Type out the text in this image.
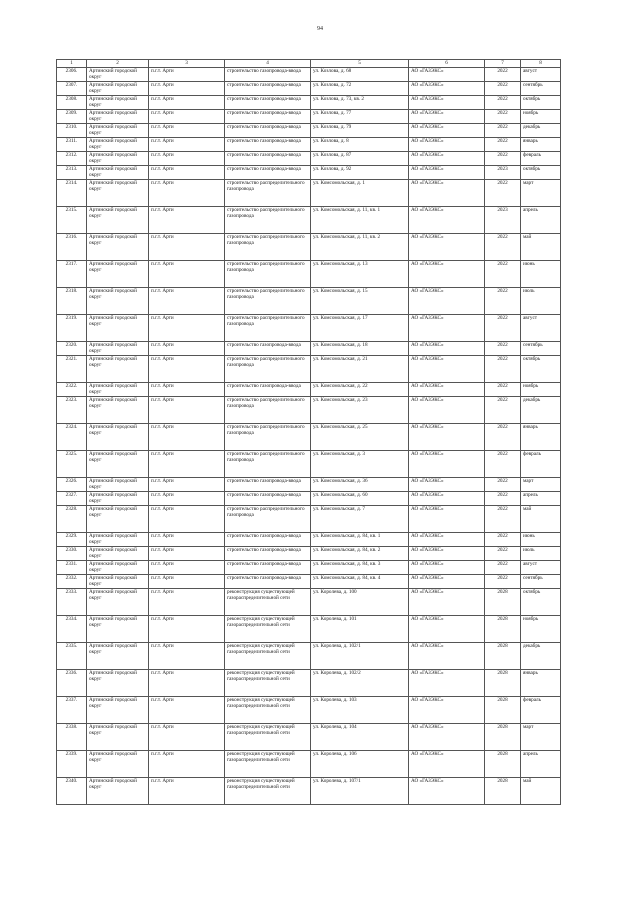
94
1	2	3	4	5	6	7	8
2306.	Артинский городской округ	п.г.т. Арти	строительство газопровода-ввода	ул. Козлова, д. 68	АО «ГАЗЭКС»	2022	август
2307.	Артинский городской округ	п.г.т. Арти	строительство газопровода-ввода	ул. Козлова, д. 72	АО «ГАЗЭКС»	2022	сентябрь
2308.	Артинский городской округ	п.г.т. Арти	строительство газопровода-ввода	ул. Козлова, д. 73, кв. 2	АО «ГАЗЭКС»	2022	октябрь
2309.	Артинский городской округ	п.г.т. Арти	строительство газопровода-ввода	ул. Козлова, д. 77	АО «ГАЗЭКС»	2022	ноябрь
2310.	Артинский городской округ	п.г.т. Арти	строительство газопровода-ввода	ул. Козлова, д. 79	АО «ГАЗЭКС»	2022	декабрь
2311.	Артинский городской округ	п.г.т. Арти	строительство газопровода-ввода	ул. Козлова, д. 8	АО «ГАЗЭКС»	2022	январь
2312.	Артинский городской округ	п.г.т. Арти	строительство газопровода-ввода	ул. Козлова, д. 87	АО «ГАЗЭКС»	2022	февраль
2313.	Артинский городской округ	п.г.т. Арти	строительство газопровода-ввода	ул. Козлова, д. 92	АО «ГАЗЭКС»	2023	октябрь
2314.	Артинский городской округ	п.г.т. Арти	строительство распределительного газопровода	ул. Комсомольская, д. 1	АО «ГАЗЭКС»	2022	март
2315.	Артинский городской округ	п.г.т. Арти	строительство распределительного газопровода	ул. Комсомольская, д. 11, кв. 1	АО «ГАЗЭКС»	2023	апрель
2316.	Артинский городской округ	п.г.т. Арти	строительство распределительного газопровода	ул. Комсомольская, д. 11, кв. 2	АО «ГАЗЭКС»	2022	май
2317.	Артинский городской округ	п.г.т. Арти	строительство распределительного газопровода	ул. Комсомольская, д. 13	АО «ГАЗЭКС»	2022	июнь
2318.	Артинский городской округ	п.г.т. Арти	строительство распределительного газопровода	ул. Комсомольская, д. 15	АО «ГАЗЭКС»	2022	июль
2319.	Артинский городской округ	п.г.т. Арти	строительство распределительного газопровода	ул. Комсомольская, д. 17	АО «ГАЗЭКС»	2022	август
2320.	Артинский городской округ	п.г.т. Арти	строительство газопровода-ввода	ул. Комсомольская, д. 18	АО «ГАЗЭКС»	2022	сентябрь
2321.	Артинский городской округ	п.г.т. Арти	строительство распределительного газопровода	ул. Комсомольская, д. 21	АО «ГАЗЭКС»	2022	октябрь
2322.	Артинский городской округ	п.г.т. Арти	строительство газопровода-ввода	ул. Комсомольская, д. 22	АО «ГАЗЭКС»	2022	ноябрь
2323.	Артинский городской округ	п.г.т. Арти	строительство распределительного газопровода	ул. Комсомольская, д. 23	АО «ГАЗЭКС»	2022	декабрь
2324.	Артинский городской округ	п.г.т. Арти	строительство распределительного газопровода	ул. Комсомольская, д. 25	АО «ГАЗЭКС»	2022	январь
2325.	Артинский городской округ	п.г.т. Арти	строительство распределительного газопровода	ул. Комсомольская, д. 3	АО «ГАЗЭКС»	2022	февраль
2326.	Артинский городской округ	п.г.т. Арти	строительство газопровода-ввода	ул. Комсомольская, д. 36	АО «ГАЗЭКС»	2022	март
2327.	Артинский городской округ	п.г.т. Арти	строительство газопровода-ввода	ул. Комсомольская, д. 60	АО «ГАЗЭКС»	2022	апрель
2328.	Артинский городской округ	п.г.т. Арти	строительство распределительного газопровода	ул. Комсомольская, д. 7	АО «ГАЗЭКС»	2022	май
2329.	Артинский городской округ	п.г.т. Арти	строительство газопровода-ввода	ул. Комсомольская, д. 84, кв. 1	АО «ГАЗЭКС»	2022	июнь
2330.	Артинский городской округ	п.г.т. Арти	строительство газопровода-ввода	ул. Комсомольская, д. 84, кв. 2	АО «ГАЗЭКС»	2022	июль
2331.	Артинский городской округ	п.г.т. Арти	строительство газопровода-ввода	ул. Комсомольская, д. 84, кв. 3	АО «ГАЗЭКС»	2022	август
2332.	Артинский городской округ	п.г.т. Арти	строительство газопровода-ввода	ул. Комсомольская, д. 84, кв. 4	АО «ГАЗЭКС»	2022	сентябрь
2333.	Артинский городской округ	п.г.т. Арти	реконструкция существующей газораспределительной сети	ул. Королева, д. 100	АО «ГАЗЭКС»	2028	октябрь
2334.	Артинский городской округ	п.г.т. Арти	реконструкция существующей газораспределительной сети	ул. Королева, д. 101	АО «ГАЗЭКС»	2028	ноябрь
2335.	Артинский городской округ	п.г.т. Арти	реконструкция существующей газораспределительной сети	ул. Королева, д. 102/1	АО «ГАЗЭКС»	2028	декабрь
2336.	Артинский городской округ	п.г.т. Арти	реконструкция существующей газораспределительной сети	ул. Королева, д. 102/2	АО «ГАЗЭКС»	2028	январь
2337.	Артинский городской округ	п.г.т. Арти	реконструкция существующей газораспределительной сети	ул. Королева, д. 103	АО «ГАЗЭКС»	2028	февраль
2338.	Артинский городской округ	п.г.т. Арти	реконструкция существующей газораспределительной сети	ул. Королева, д. 104	АО «ГАЗЭКС»	2028	март
2339.	Артинский городской округ	п.г.т. Арти	реконструкция существующей газораспределительной сети	ул. Королева, д. 106	АО «ГАЗЭКС»	2028	апрель
2340.	Артинский городской округ	п.г.т. Арти	реконструкция существующей газораспределительной сети	ул. Королева, д. 107/1	АО «ГАЗЭКС»	2028	май
